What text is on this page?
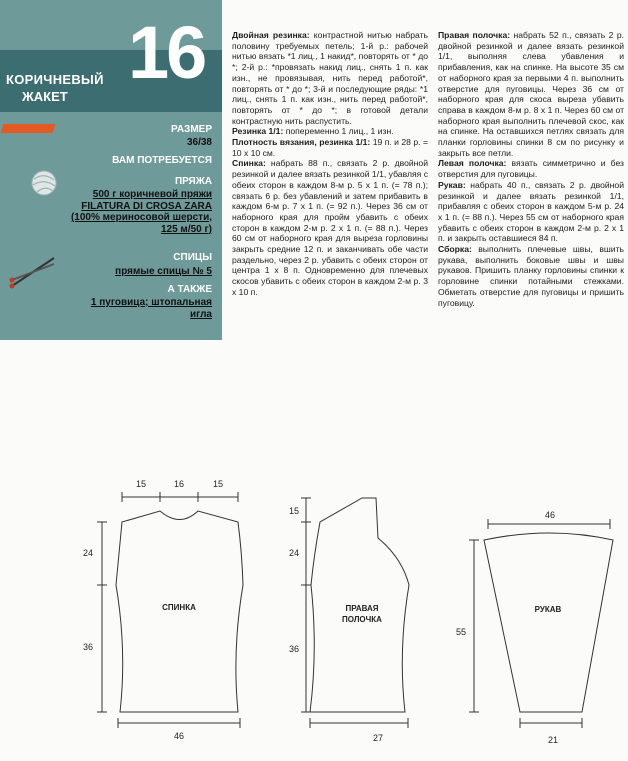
16
КОРИЧНЕВЫЙ
ЖАКЕТ
РАЗМЕР
36/38
ВАМ ПОТРЕБУЕТСЯ
ПРЯЖА
500 г коричневой пряжи FILATURA DI CROSA ZARA (100% мериносовой шерсти, 125 м/50 г)
СПИЦЫ
прямые спицы № 5
А ТАКЖЕ
1 пуговица; штопальная игла
Двойная резинка: контрастной нитью набрать половину требуемых петель; 1-й р.: рабочей нитью вязать *1 лиц., 1 накид*, повторять от * до *; 2-й р.: *провязать накид лиц., снять 1 п. как изн., не провязывая, нить перед работой*, повторять от * до *; 3-й и последующие ряды: *1 лиц., снять 1 п. как изн., нить перед работой*, повторять от * до *; в готовой детали контрастную нить распустить.
Резинка 1/1: попеременно 1 лиц., 1 изн.
Плотность вязания, резинка 1/1: 19 п. и 28 р. = 10 х 10 см.
Спинка: набрать 88 п., связать 2 р. двойной резинкой и далее вязать резинкой 1/1, убавляя с обеих сторон в каждом 8-м р. 5 х 1 п. (= 78 п.); связать 6 р. без убавлений и затем прибавить в каждом 6-м р. 7 х 1 п. (= 92 п.). Через 36 см от наборного края для пройм убавить с обеих сторон в каждом 2-м р. 2 х 1 п. (= 88 п.). Через 60 см от наборного края для выреза горловины закрыть средние 12 п. и заканчивать обе части раздельно, через 2 р. убавить с обеих сторон от центра 1 х 8 п. Одновременно для плечевых скосов убавить с обеих сторон в каждом 2-м р. 3 х 10 п.
Правая полочка: набрать 52 п., связать 2 р. двойной резинкой и далее вязать резинкой 1/1, выполняя слева убавления и прибавления, как на спинке. На высоте 35 см от наборного края за первыми 4 п. выполнить отверстие для пуговицы. Через 36 см от наборного края для скоса выреза убавить справа в каждом 8-м р. 8 х 1 п. Через 60 см от наборного края выполнить плечевой скос, как на спинке. На оставшихся петлях связать для планки горловины спинки 8 см по рисунку и закрыть все петли.
Левая полочка: вязать симметрично и без отверстия для пуговицы.
Рукав: набрать 40 п., связать 2 р. двойной резинкой и далее вязать резинкой 1/1, прибавляя с обеих сторон в каждом 5-м р. 24 х 1 п. (= 88 п.). Через 55 см от наборного края убавить с обеих сторон в каждом 2-м р. 2 х 1 п. и закрыть оставшиеся 84 п.
Сборка: выполнить плечевые швы, вшить рукава, выполнить боковые швы и швы рукавов. Пришить планку горловины спинки к горловине спинки потайными стежками. Обметать отверстие для пуговицы и пришить пуговицу.
15	16	15
24
36
46
СПИНКА
15
24
36
27
ПРАВАЯ
ПОЛОЧКА
46
55
21
РУКАВ
